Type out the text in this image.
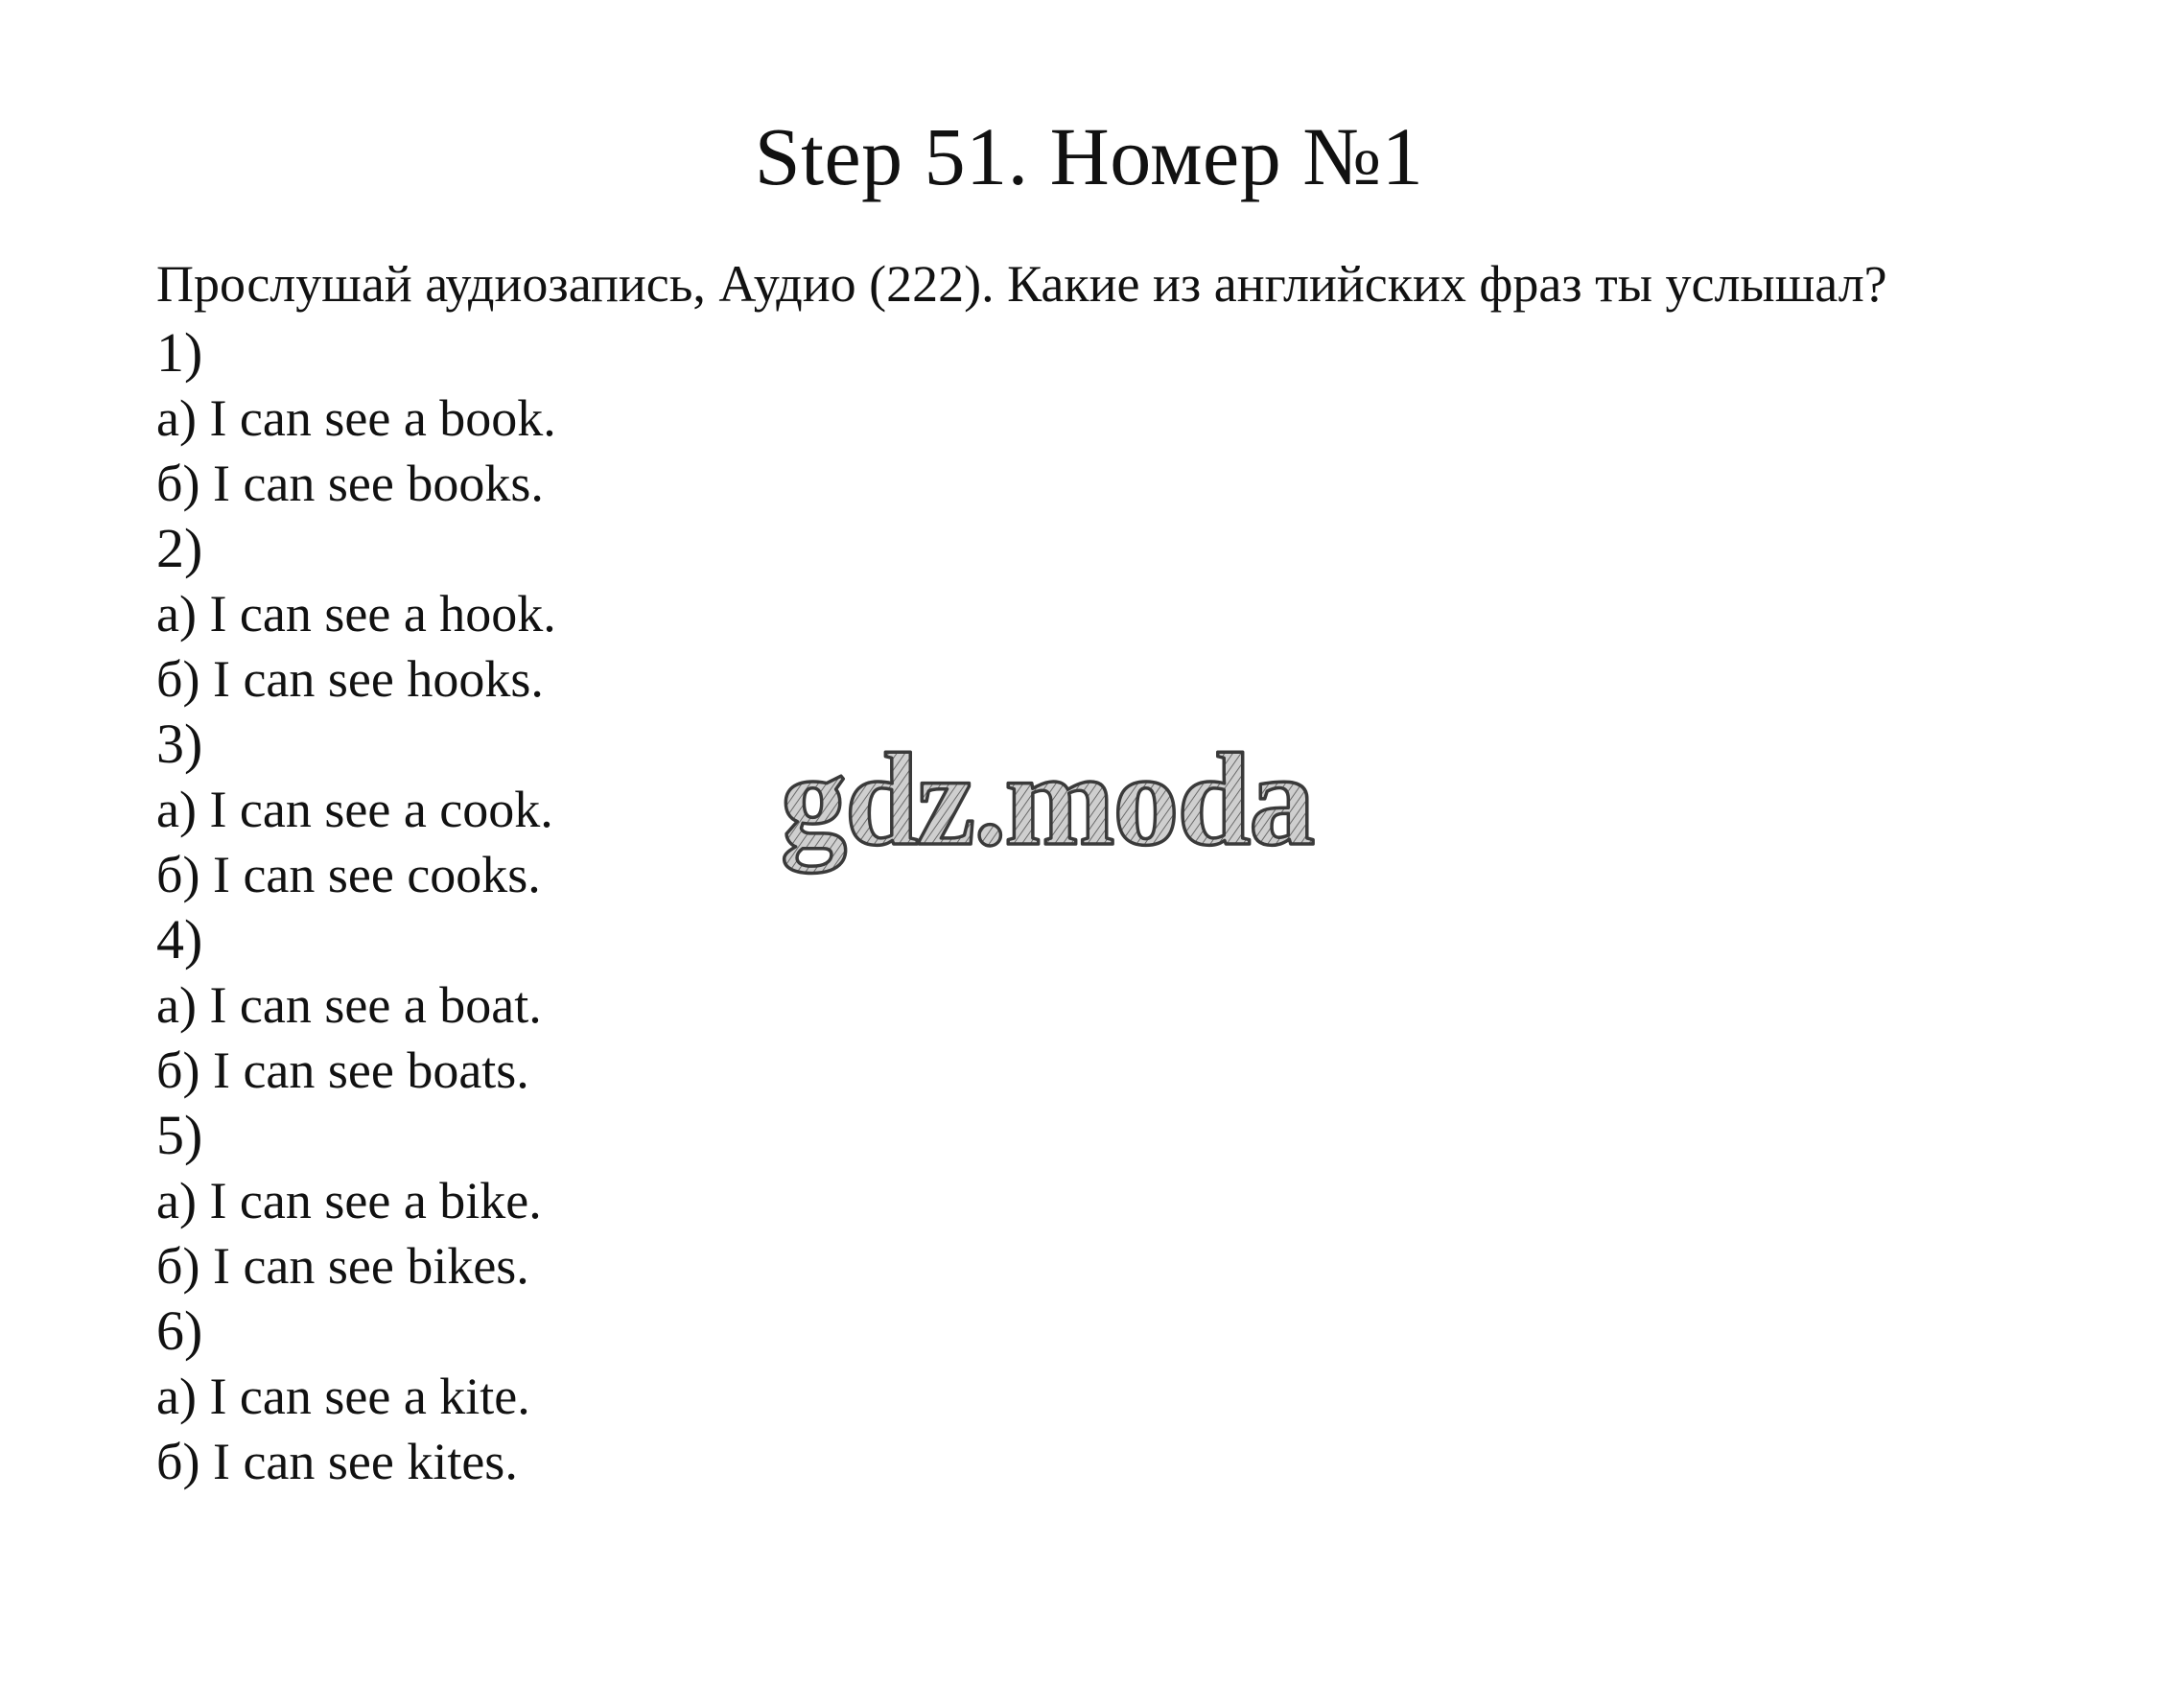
Step 51. Номер №1

Прослушай аудиозапись, Аудио (222). Какие из английских фраз ты услышал?

1)
а) I can see a book.
б) I can see books.
2)
а) I can see a hook.
б) I can see hooks.
3)
а) I can see a cook.
б) I can see cooks.
4)
а) I can see a boat.
б) I can see boats.
5)
а) I can see a bike.
б) I can see bikes.
6)
а) I can see a kite.
б) I can see kites.
gdz.moda
